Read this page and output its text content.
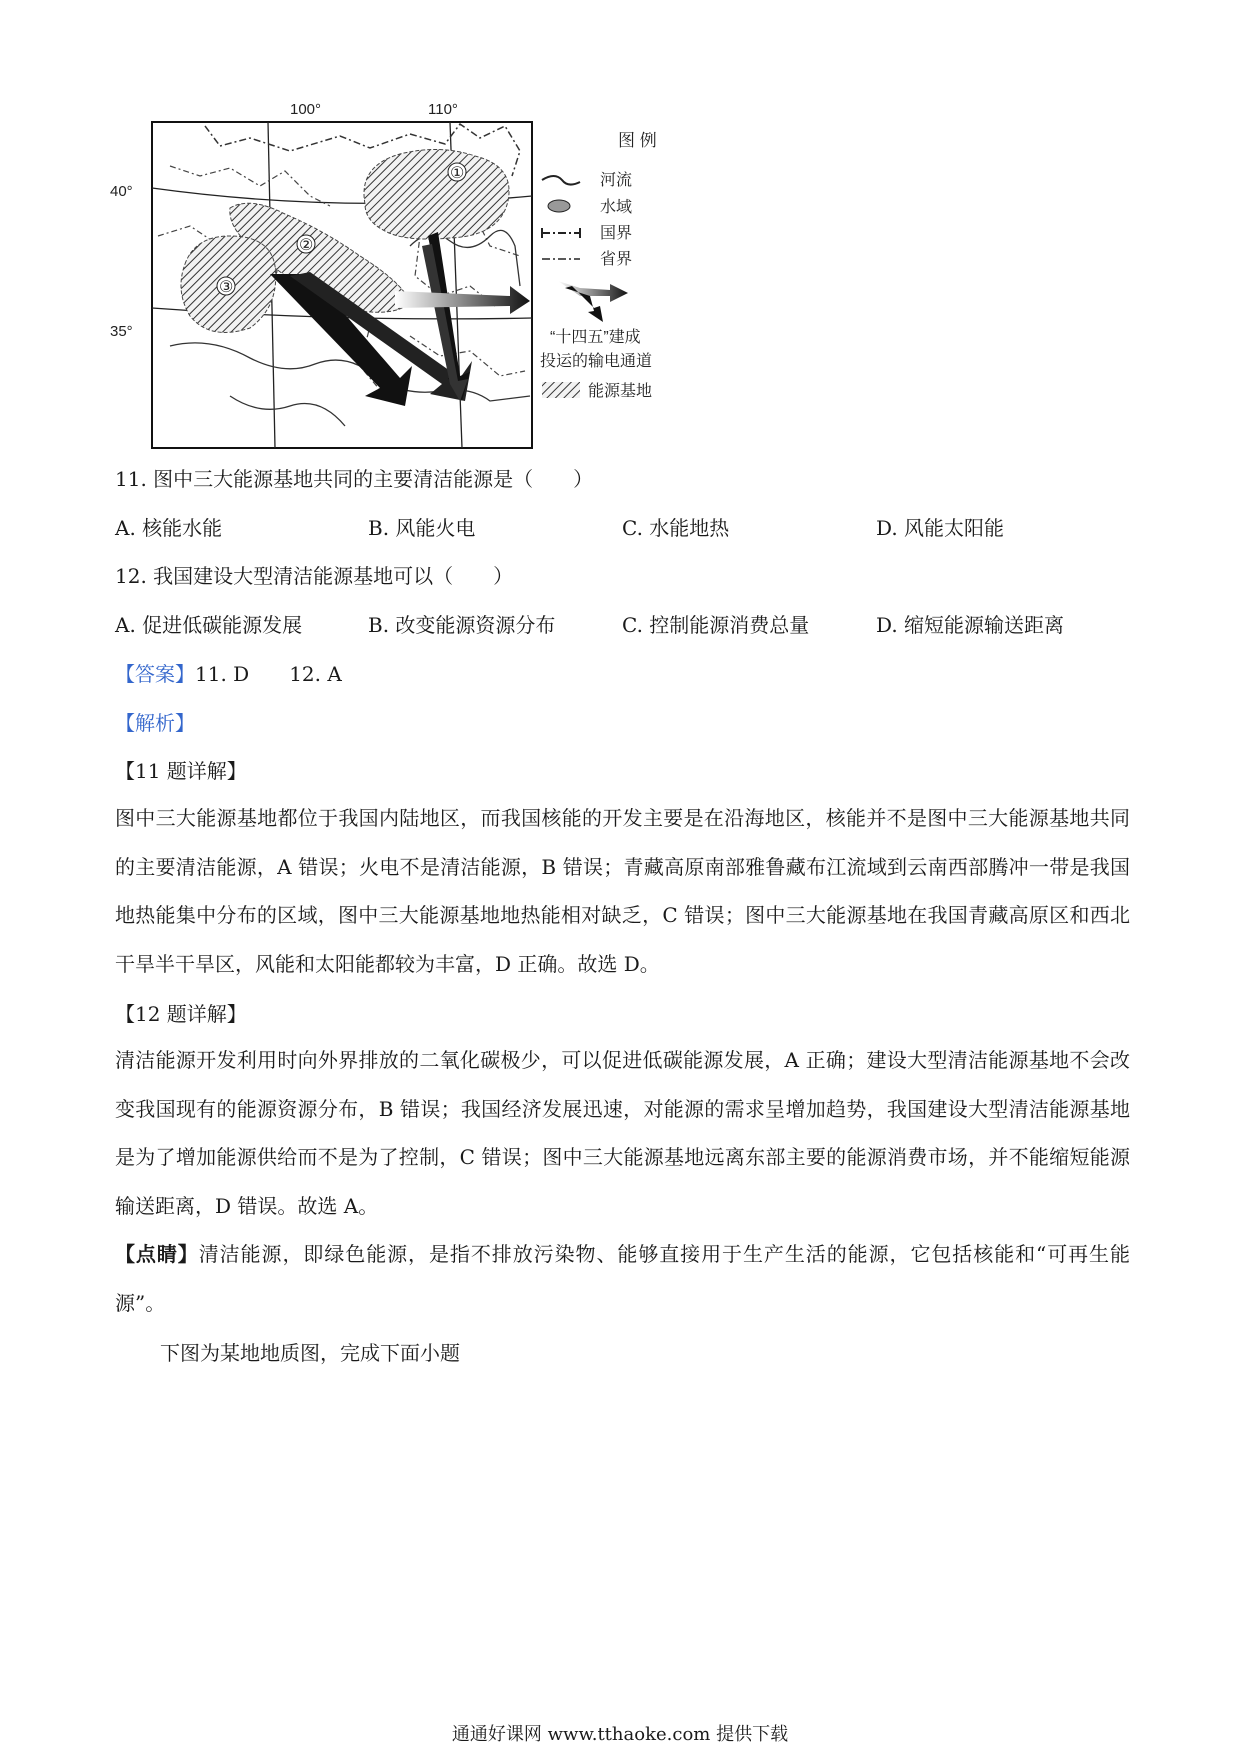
100°	110°
40°
35°
①
②
③
图 例
河流
水域
国界
省界
“十四五”建成
投运的输电通道
能源基地
11. 图中三大能源基地共同的主要清洁能源是（　　）
A. 核能水能	B. 风能火电	C. 水能地热	D. 风能太阳能
12. 我国建设大型清洁能源基地可以（　　）
A. 促进低碳能源发展	B. 改变能源资源分布	C. 控制能源消费总量	D. 缩短能源输送距离
【答案】11. D　　12. A
【解析】
【11 题详解】
图中三大能源基地都位于我国内陆地区，而我国核能的开发主要是在沿海地区，核能并不是图中三大能源基地共同的主要清洁能源，A 错误；火电不是清洁能源，B 错误；青藏高原南部雅鲁藏布江流域到云南西部腾冲一带是我国地热能集中分布的区域，图中三大能源基地地热能相对缺乏，C 错误；图中三大能源基地在我国青藏高原区和西北干旱半干旱区，风能和太阳能都较为丰富，D 正确。故选 D。
【12 题详解】
清洁能源开发利用时向外界排放的二氧化碳极少，可以促进低碳能源发展，A 正确；建设大型清洁能源基地不会改变我国现有的能源资源分布，B 错误；我国经济发展迅速，对能源的需求呈增加趋势，我国建设大型清洁能源基地是为了增加能源供给而不是为了控制，C 错误；图中三大能源基地远离东部主要的能源消费市场，并不能缩短能源输送距离，D 错误。故选 A。
【点睛】清洁能源，即绿色能源，是指不排放污染物、能够直接用于生产生活的能源，它包括核能和“可再生能源”。
下图为某地地质图，完成下面小题
通通好课网 www.tthaoke.com 提供下载
